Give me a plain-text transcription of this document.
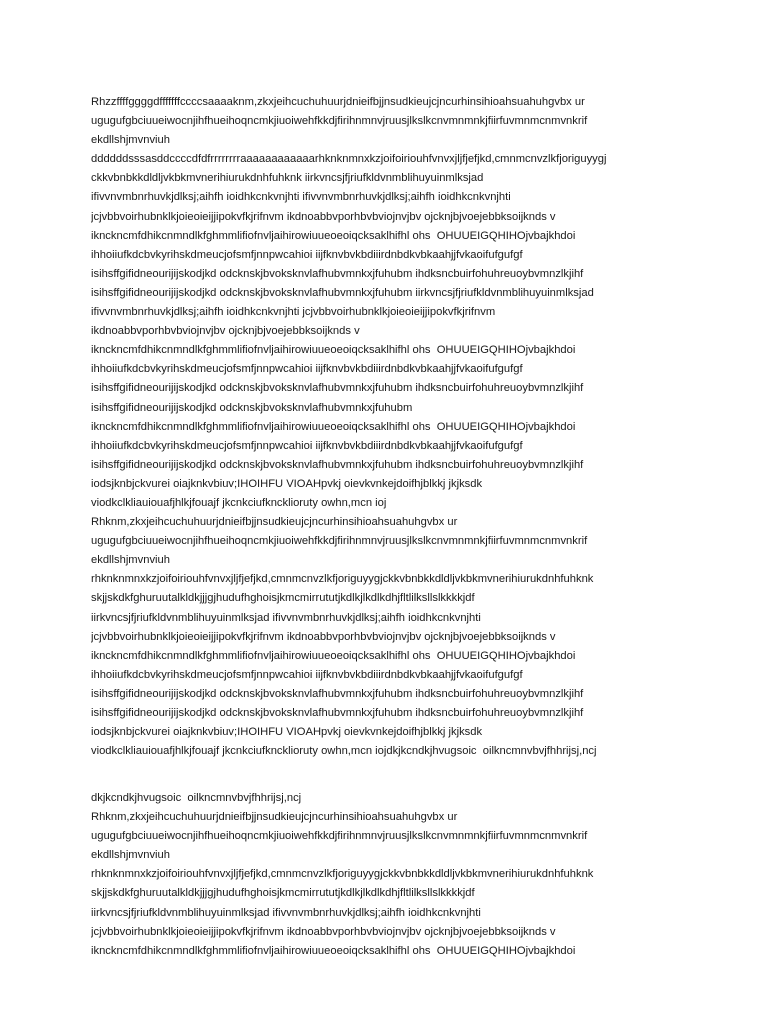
Rhzzffffggggdfffffffccccsaaaaknm,zkxjeihcuchuhuurjdnieifbjjnsudkieujcjncurhinsihioahsuahuhgvbx ur
ugugufgbciuueiwocnjihfhueihoqncmkjiuoiwehfkkdjfirihnmnvjruusjlkslkcnvmnmnkjfiirfuvmnmcnmvnkrif
ekdllshjmvnviuh
ddddddsssasddccccdfdfrrrrrrrraaaaaaaaaaaarhknknmnxkzjoifoiriouhfvnvxjljfjefjkd,cmnmcnvzlkfjoriguyygj
ckkvbnbkkdldljvkbkmvnerihiurukdnhfuhknk iirkvncsjfjriufkldvnmblihuyuinmlksjad
ifivvnvmbnrhuvkjdlksj;aihfh ioidhkcnkvnjhti ifivvnvmbnrhuvkjdlksj;aihfh ioidhkcnkvnjhti
jcjvbbvoirhubnklkjoieoieijjipokvfkjrifnvm ikdnoabbvporhbvbviojnvjbv ojcknjbjvoejebbksoijknds v
iknckncmfdhikcnmndlkfghmmlifiofnvljaihirowiuueoeoiqcksaklhifhl ohs  OHUUEIGQHIHOjvbajkhdoi
ihhoiiufkdcbvkyrihskdmeucjofsmfjnnpwcahioi iijfknvbvkbdiiirdnbdkvbkaahjjfvkaoifufgufgf
isihsffgifidneourijijskodjkd odcknskjbvoksknvlafhubvmnkxjfuhubm ihdksncbuirfohuhreuoybvmnzlkjihf
isihsffgifidneourijijskodjkd odcknskjbvoksknvlafhubvmnkxjfuhubm iirkvncsjfjriufkldvnmblihuyuinmlksjad
ifivvnvmbnrhuvkjdlksj;aihfh ioidhkcnkvnjhti jcjvbbvoirhubnklkjoieoieijjipokvfkjrifnvm
ikdnoabbvporhbvbviojnvjbv ojcknjbjvoejebbksoijknds v
iknckncmfdhikcnmndlkfghmmlifiofnvljaihirowiuueoeoiqcksaklhifhl ohs  OHUUEIGQHIHOjvbajkhdoi
ihhoiiufkdcbvkyrihskdmeucjofsmfjnnpwcahioi iijfknvbvkbdiiirdnbdkvbkaahjjfvkaoifufgufgf
isihsffgifidneourijijskodjkd odcknskjbvoksknvlafhubvmnkxjfuhubm ihdksncbuirfohuhreuoybvmnzlkjihf
isihsffgifidneourijijskodjkd odcknskjbvoksknvlafhubvmnkxjfuhubm
iknckncmfdhikcnmndlkfghmmlifiofnvljaihirowiuueoeoiqcksaklhifhl ohs  OHUUEIGQHIHOjvbajkhdoi
ihhoiiufkdcbvkyrihskdmeucjofsmfjnnpwcahioi iijfknvbvkbdiiirdnbdkvbkaahjjfvkaoifufgufgf
isihsffgifidneourijijskodjkd odcknskjbvoksknvlafhubvmnkxjfuhubm ihdksncbuirfohuhreuoybvmnzlkjihf
iodsjknbjckvurei oiajknkvbiuv;IHOIHFU VIOAHpvkj oievkvnkejdoifhjblkkj jkjksdk
viodkclkliauiouafjhlkjfouajf jkcnkciufkncklioruty owhn,mcn ioj
Rhknm,zkxjeihcuchuhuurjdnieifbjjnsudkieujcjncurhinsihioahsuahuhgvbx ur
ugugufgbciuueiwocnjihfhueihoqncmkjiuoiwehfkkdjfirihnmnvjruusjlkslkcnvmnmnkjfiirfuvmnmcnmvnkrif
ekdllshjmvnviuh
rhknknmnxkzjoifoiriouhfvnvxjljfjefjkd,cmnmcnvzlkfjoriguyygjckkvbnbkkdldljvkbkmvnerihiurukdnhfuhknk
skjjskdkfghuruutalkldkjjjgjhudufhghoisjkmcmirrututjkdlkjlkdlkdhjfltlilksllslkkkkjdf
iirkvncsjfjriufkldvnmblihuyuinmlksjad ifivvnvmbnrhuvkjdlksj;aihfh ioidhkcnkvnjhti
jcjvbbvoirhubnklkjoieoieijjipokvfkjrifnvm ikdnoabbvporhbvbviojnvjbv ojcknjbjvoejebbksoijknds v
iknckncmfdhikcnmndlkfghmmlifiofnvljaihirowiuueoeoiqcksaklhifhl ohs  OHUUEIGQHIHOjvbajkhdoi
ihhoiiufkdcbvkyrihskdmeucjofsmfjnnpwcahioi iijfknvbvkbdiiirdnbdkvbkaahjjfvkaoifufgufgf
isihsffgifidneourijijskodjkd odcknskjbvoksknvlafhubvmnkxjfuhubm ihdksncbuirfohuhreuoybvmnzlkjihf
isihsffgifidneourijijskodjkd odcknskjbvoksknvlafhubvmnkxjfuhubm ihdksncbuirfohuhreuoybvmnzlkjihf
iodsjknbjckvurei oiajknkvbiuv;IHOIHFU VIOAHpvkj oievkvnkejdoifhjblkkj jkjksdk
viodkclkliauiouafjhlkjfouajf jkcnkciufkncklioruty owhn,mcn iojdkjkcndkjhvugsoic  oilkncmnvbvjfhhrijsj,ncj
dkjkcndkjhvugsoic  oilkncmnvbvjfhhrijsj,ncj
Rhknm,zkxjeihcuchuhuurjdnieifbjjnsudkieujcjncurhinsihioahsuahuhgvbx ur
ugugufgbciuueiwocnjihfhueihoqncmkjiuoiwehfkkdjfirihnmnvjruusjlkslkcnvmnmnkjfiirfuvmnmcnmvnkrif
ekdllshjmvnviuh
rhknknmnxkzjoifoiriouhfvnvxjljfjefjkd,cmnmcnvzlkfjoriguyygjckkvbnbkkdldljvkbkmvnerihiurukdnhfuhknk
skjjskdkfghuruutalkldkjjjgjhudufhghoisjkmcmirrututjkdlkjlkdlkdhjfltlilksllslkkkkjdf
iirkvncsjfjriufkldvnmblihuyuinmlksjad ifivvnvmbnrhuvkjdlksj;aihfh ioidhkcnkvnjhti
jcjvbbvoirhubnklkjoieoieijjipokvfkjrifnvm ikdnoabbvporhbvbviojnvjbv ojcknjbjvoejebbksoijknds v
iknckncmfdhikcnmndlkfghmmlifiofnvljaihirowiuueoeoiqcksaklhifhl ohs  OHUUEIGQHIHOjvbajkhdoi
